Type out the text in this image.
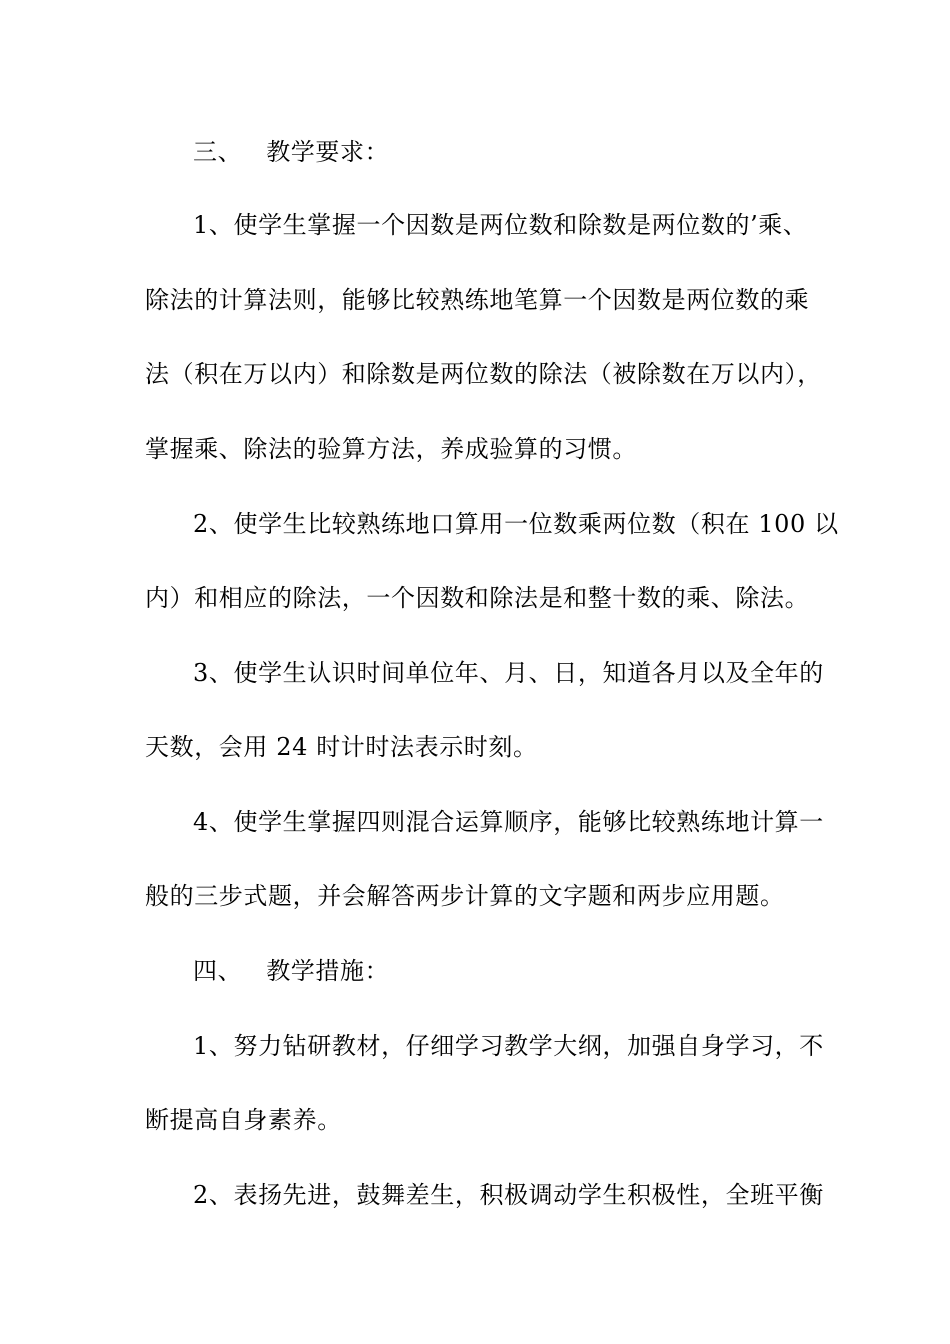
三、 教学要求：
1、使学生掌握一个因数是两位数和除数是两位数的’乘、
除法的计算法则，能够比较熟练地笔算一个因数是两位数的乘
法（积在万以内）和除数是两位数的除法（被除数在万以内），
掌握乘、除法的验算方法，养成验算的习惯。
2、使学生比较熟练地口算用一位数乘两位数（积在 100 以
内）和相应的除法，一个因数和除法是和整十数的乘、除法。
3、使学生认识时间单位年、月、日，知道各月以及全年的
天数，会用 24 时计时法表示时刻。
4、使学生掌握四则混合运算顺序，能够比较熟练地计算一
般的三步式题，并会解答两步计算的文字题和两步应用题。
四、 教学措施：
1、努力钻研教材，仔细学习教学大纲，加强自身学习，不
断提高自身素养。
2、表扬先进，鼓舞差生，积极调动学生积极性，全班平衡
